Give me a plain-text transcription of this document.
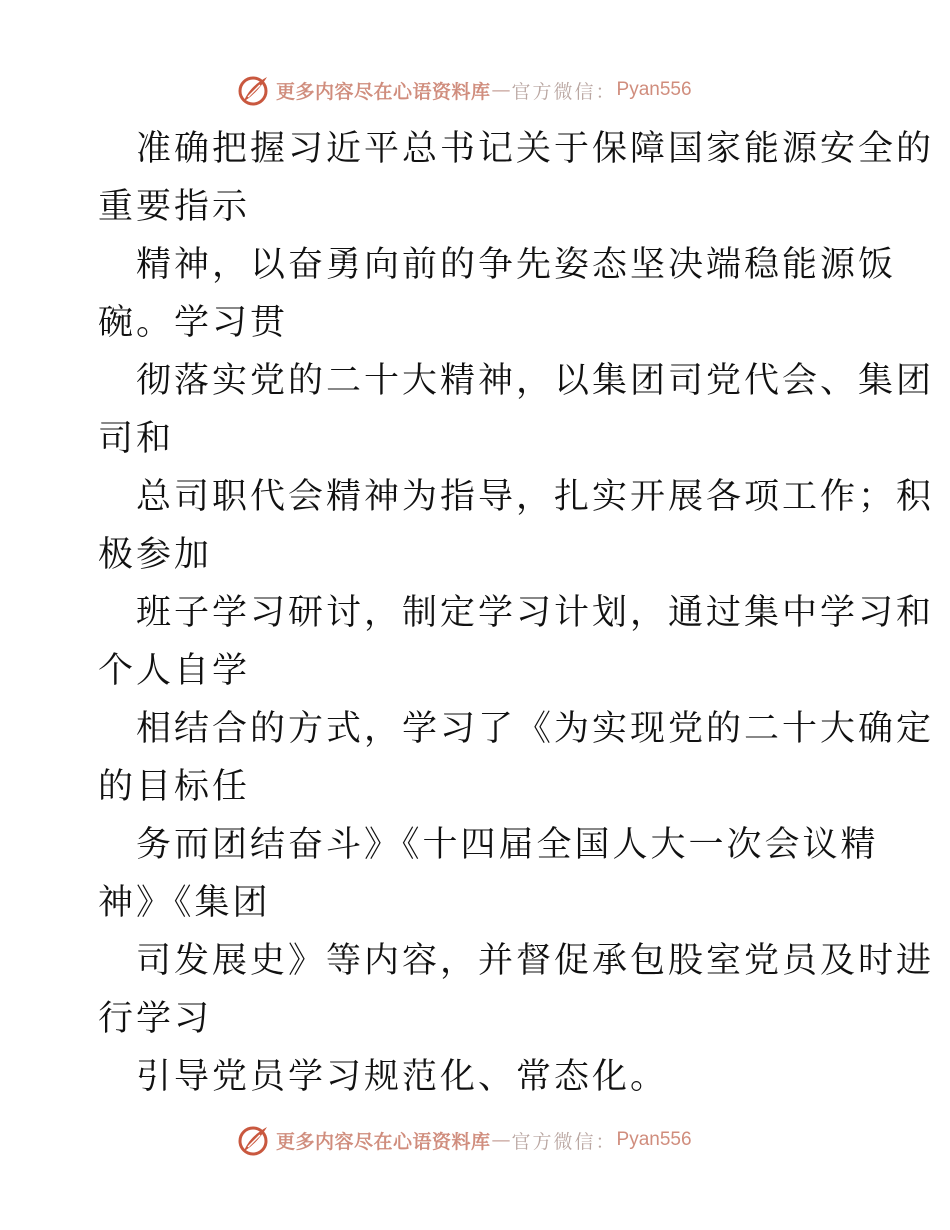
更多内容尽在心语资料库 — 官方微信： Pyan556

准确把握习近平总书记关于保障国家能源安全的

重要指示

精神，以奋勇向前的争先姿态坚决端稳能源饭

碗。学习贯

彻落实党的二十大精神，以集团司党代会、集团

司和

总司职代会精神为指导，扎实开展各项工作；积

极参加

班子学习研讨，制定学习计划，通过集中学习和

个人自学

相结合的方式，学习了《为实现党的二十大确定

的目标任

务而团结奋斗》《十四届全国人大一次会议精

神》《集团

司发展史》等内容，并督促承包股室党员及时进

行学习

引导党员学习规范化、常态化。

更多内容尽在心语资料库 — 官方微信： Pyan556
